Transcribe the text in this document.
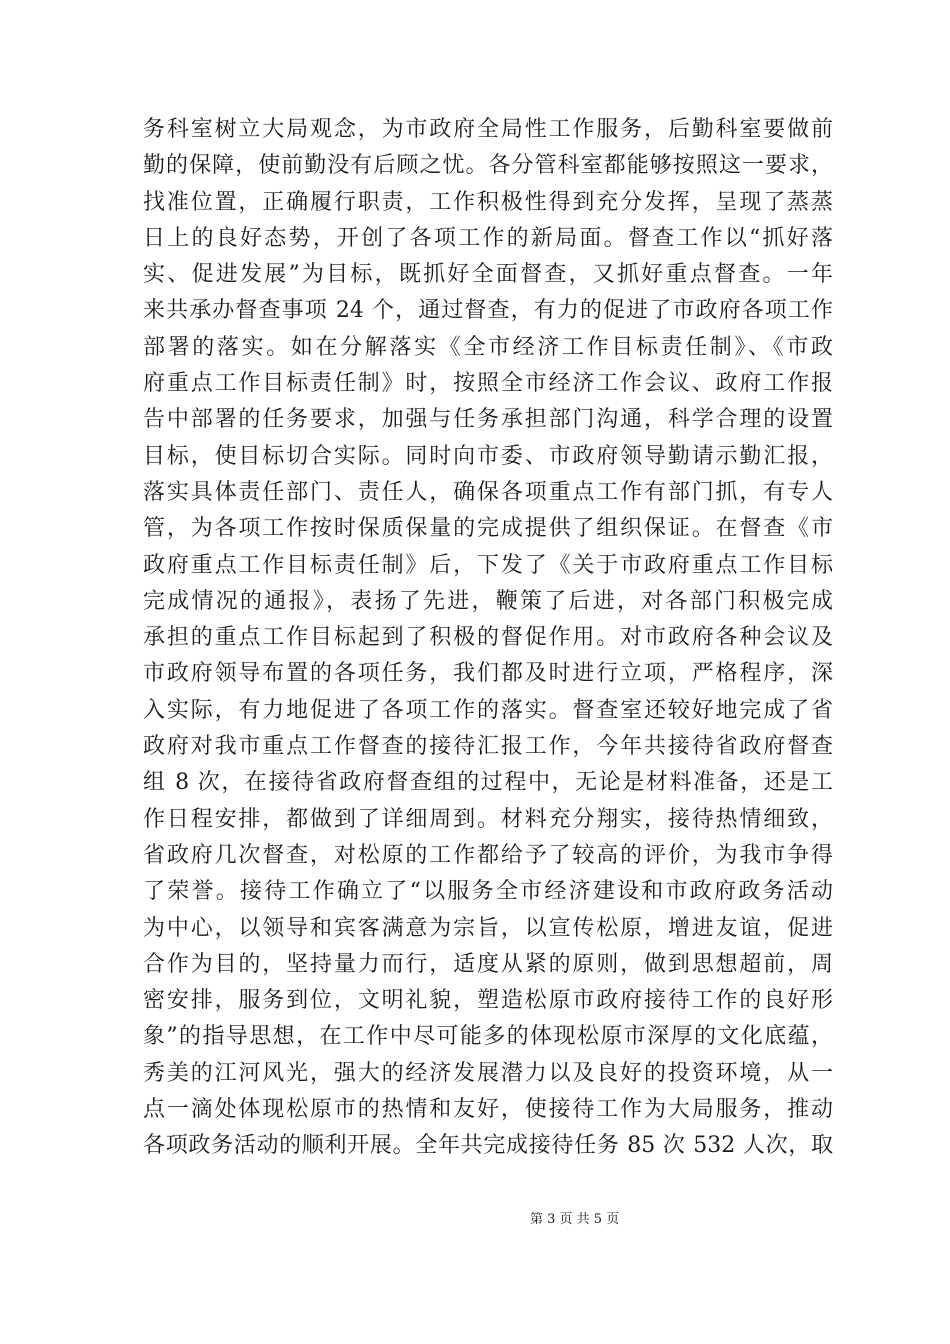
务科室树立大局观念，为市政府全局性工作服务，后勤科室要做前
勤的保障，使前勤没有后顾之忧。各分管科室都能够按照这一要求，
找准位置，正确履行职责，工作积极性得到充分发挥，呈现了蒸蒸
日上的良好态势，开创了各项工作的新局面。督查工作以“抓好落
实、促进发展”为目标，既抓好全面督查，又抓好重点督查。一年
来共承办督查事项 24 个，通过督查，有力的促进了市政府各项工作
部署的落实。如在分解落实《全市经济工作目标责任制》、《市政
府重点工作目标责任制》时，按照全市经济工作会议、政府工作报
告中部署的任务要求，加强与任务承担部门沟通，科学合理的设置
目标，使目标切合实际。同时向市委、市政府领导勤请示勤汇报，
落实具体责任部门、责任人，确保各项重点工作有部门抓，有专人
管，为各项工作按时保质保量的完成提供了组织保证。在督查《市
政府重点工作目标责任制》后，下发了《关于市政府重点工作目标
完成情况的通报》，表扬了先进，鞭策了后进，对各部门积极完成
承担的重点工作目标起到了积极的督促作用。对市政府各种会议及
市政府领导布置的各项任务，我们都及时进行立项，严格程序，深
入实际，有力地促进了各项工作的落实。督查室还较好地完成了省
政府对我市重点工作督查的接待汇报工作，今年共接待省政府督查
组 8 次，在接待省政府督查组的过程中，无论是材料准备，还是工
作日程安排，都做到了详细周到。材料充分翔实，接待热情细致，
省政府几次督查，对松原的工作都给予了较高的评价，为我市争得
了荣誉。接待工作确立了“以服务全市经济建设和市政府政务活动
为中心，以领导和宾客满意为宗旨，以宣传松原，增进友谊，促进
合作为目的，坚持量力而行，适度从紧的原则，做到思想超前，周
密安排，服务到位，文明礼貌，塑造松原市政府接待工作的良好形
象”的指导思想，在工作中尽可能多的体现松原市深厚的文化底蕴，
秀美的江河风光，强大的经济发展潜力以及良好的投资环境，从一
点一滴处体现松原市的热情和友好，使接待工作为大局服务，推动
各项政务活动的顺利开展。全年共完成接待任务 85 次 532 人次，取
第 3 页 共 5 页
